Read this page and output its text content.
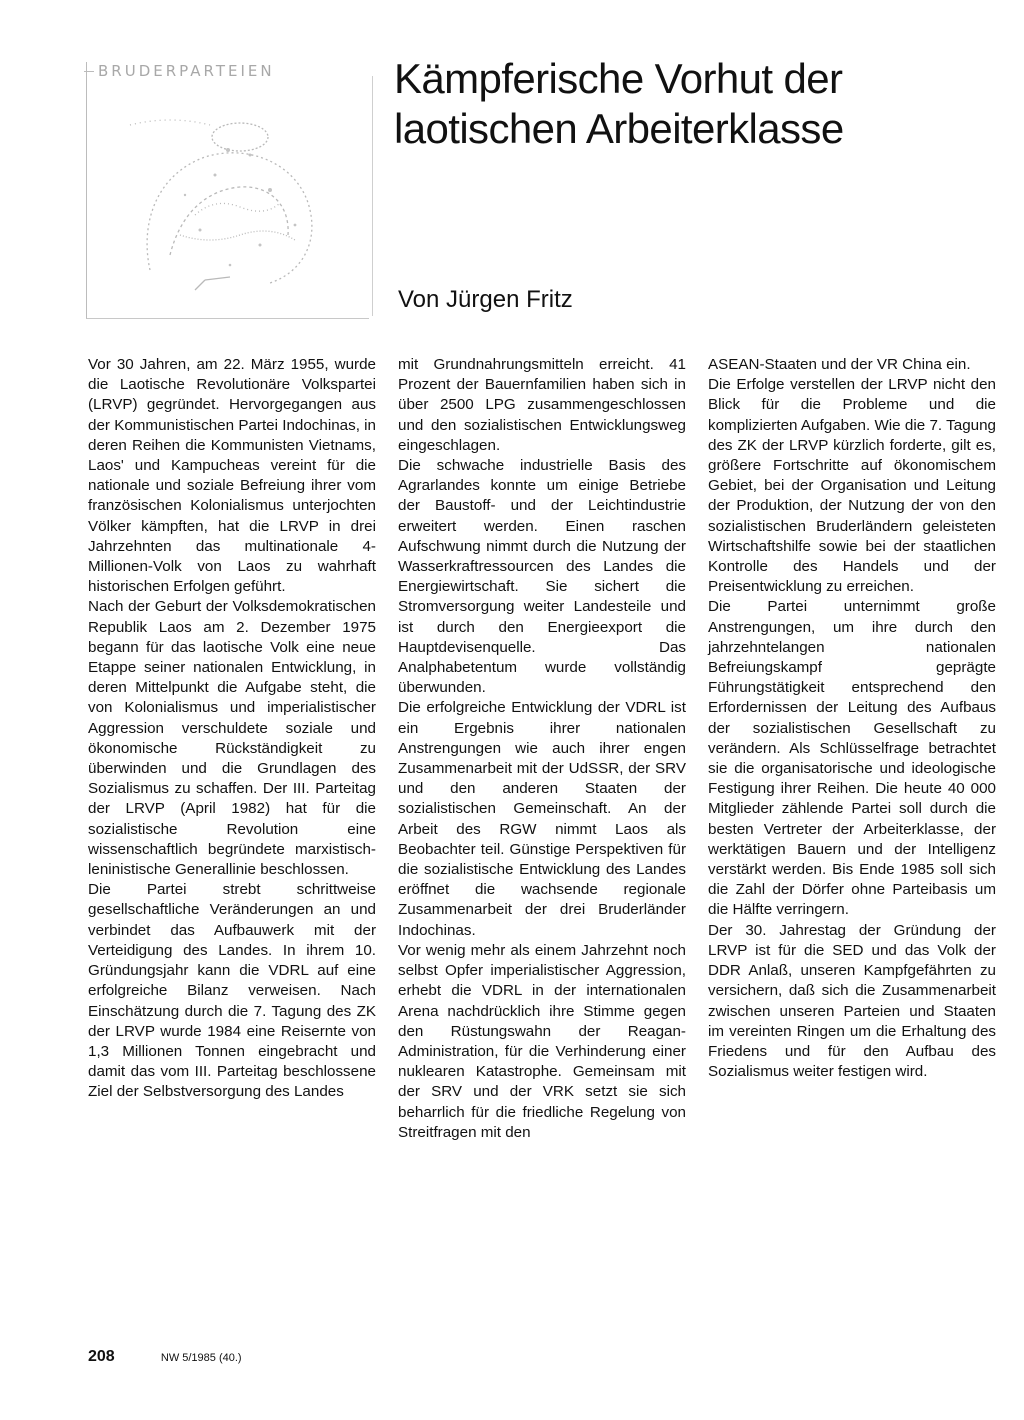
BRUDERPARTEIEN	Kämpferische Vorhut der
laotischen Arbeiterklasse
Von Jürgen Fritz

Vor 30 Jahren, am 22. März 1955, wurde die Laotische Revolutionäre Volkspartei (LRVP) gegründet. Hervorgegangen aus der Kommunistischen Partei Indochinas, in deren Reihen die Kommunisten Vietnams, Laos' und Kampucheas vereint für die nationale und soziale Befreiung ihrer vom französischen Kolonialismus unterjochten Völker kämpften, hat die LRVP in drei Jahrzehnten das multinationale 4-Millionen-Volk von Laos zu wahrhaft historischen Erfolgen geführt.

Nach der Geburt der Volksdemokratischen Republik Laos am 2. Dezember 1975 begann für das laotische Volk eine neue Etappe seiner nationalen Entwicklung, in deren Mittelpunkt die Aufgabe steht, die von Kolonialismus und imperialistischer Aggression verschuldete soziale und ökonomische Rückständigkeit zu überwinden und die Grundlagen des Sozialismus zu schaffen. Der III. Parteitag der LRVP (April 1982) hat für die sozialistische Revolution eine wissenschaftlich begründete marxistisch-leninistische Generallinie beschlossen.

Die Partei strebt schrittweise gesellschaftliche Veränderungen an und verbindet das Aufbauwerk mit der Verteidigung des Landes. In ihrem 10. Gründungsjahr kann die VDRL auf eine erfolgreiche Bilanz verweisen. Nach Einschätzung durch die 7. Tagung des ZK der LRVP wurde 1984 eine Reisernte von 1,3 Millionen Tonnen eingebracht und damit das vom III. Parteitag beschlossene Ziel der Selbstversorgung des Landes

mit Grundnahrungsmitteln erreicht. 41 Prozent der Bauernfamilien haben sich in über 2500 LPG zusammengeschlossen und den sozialistischen Entwicklungsweg eingeschlagen.

Die schwache industrielle Basis des Agrarlandes konnte um einige Betriebe der Baustoff- und der Leichtindustrie erweitert werden. Einen raschen Aufschwung nimmt durch die Nutzung der Wasserkraftressourcen des Landes die Energiewirtschaft. Sie sichert die Stromversorgung weiter Landesteile und ist durch den Energieexport die Hauptdevisenquelle. Das Analphabetentum wurde vollständig überwunden.

Die erfolgreiche Entwicklung der VDRL ist ein Ergebnis ihrer nationalen Anstrengungen wie auch ihrer engen Zusammenarbeit mit der UdSSR, der SRV und den anderen Staaten der sozialistischen Gemeinschaft. An der Arbeit des RGW nimmt Laos als Beobachter teil. Günstige Perspektiven für die sozialistische Entwicklung des Landes eröffnet die wachsende regionale Zusammenarbeit der drei Bruderländer Indochinas.

Vor wenig mehr als einem Jahrzehnt noch selbst Opfer imperialistischer Aggression, erhebt die VDRL in der internationalen Arena nachdrücklich ihre Stimme gegen den Rüstungswahn der Reagan-Administration, für die Verhinderung einer nuklearen Katastrophe. Gemeinsam mit der SRV und der VRK setzt sie sich beharrlich für die friedliche Regelung von Streitfragen mit den

ASEAN-Staaten und der VR China ein.

Die Erfolge verstellen der LRVP nicht den Blick für die Probleme und die komplizierten Aufgaben. Wie die 7. Tagung des ZK der LRVP kürzlich forderte, gilt es, größere Fortschritte auf ökonomischem Gebiet, bei der Organisation und Leitung der Produktion, der Nutzung der von den sozialistischen Bruderländern geleisteten Wirtschaftshilfe sowie bei der staatlichen Kontrolle des Handels und der Preisentwicklung zu erreichen.

Die Partei unternimmt große Anstrengungen, um ihre durch den jahrzehntelangen nationalen Befreiungskampf geprägte Führungstätigkeit entsprechend den Erfordernissen der Leitung des Aufbaus der sozialistischen Gesellschaft zu verändern. Als Schlüsselfrage betrachtet sie die organisatorische und ideologische Festigung ihrer Reihen. Die heute 40 000 Mitglieder zählende Partei soll durch die besten Vertreter der Arbeiterklasse, der werktätigen Bauern und der Intelligenz verstärkt werden. Bis Ende 1985 soll sich die Zahl der Dörfer ohne Parteibasis um die Hälfte verringern.

Der 30. Jahrestag der Gründung der LRVP ist für die SED und das Volk der DDR Anlaß, unseren Kampfgefährten zu versichern, daß sich die Zusammenarbeit zwischen unseren Parteien und Staaten im vereinten Ringen um die Erhaltung des Friedens und für den Aufbau des Sozialismus weiter festigen wird.

208	NW 5/1985 (40.)
